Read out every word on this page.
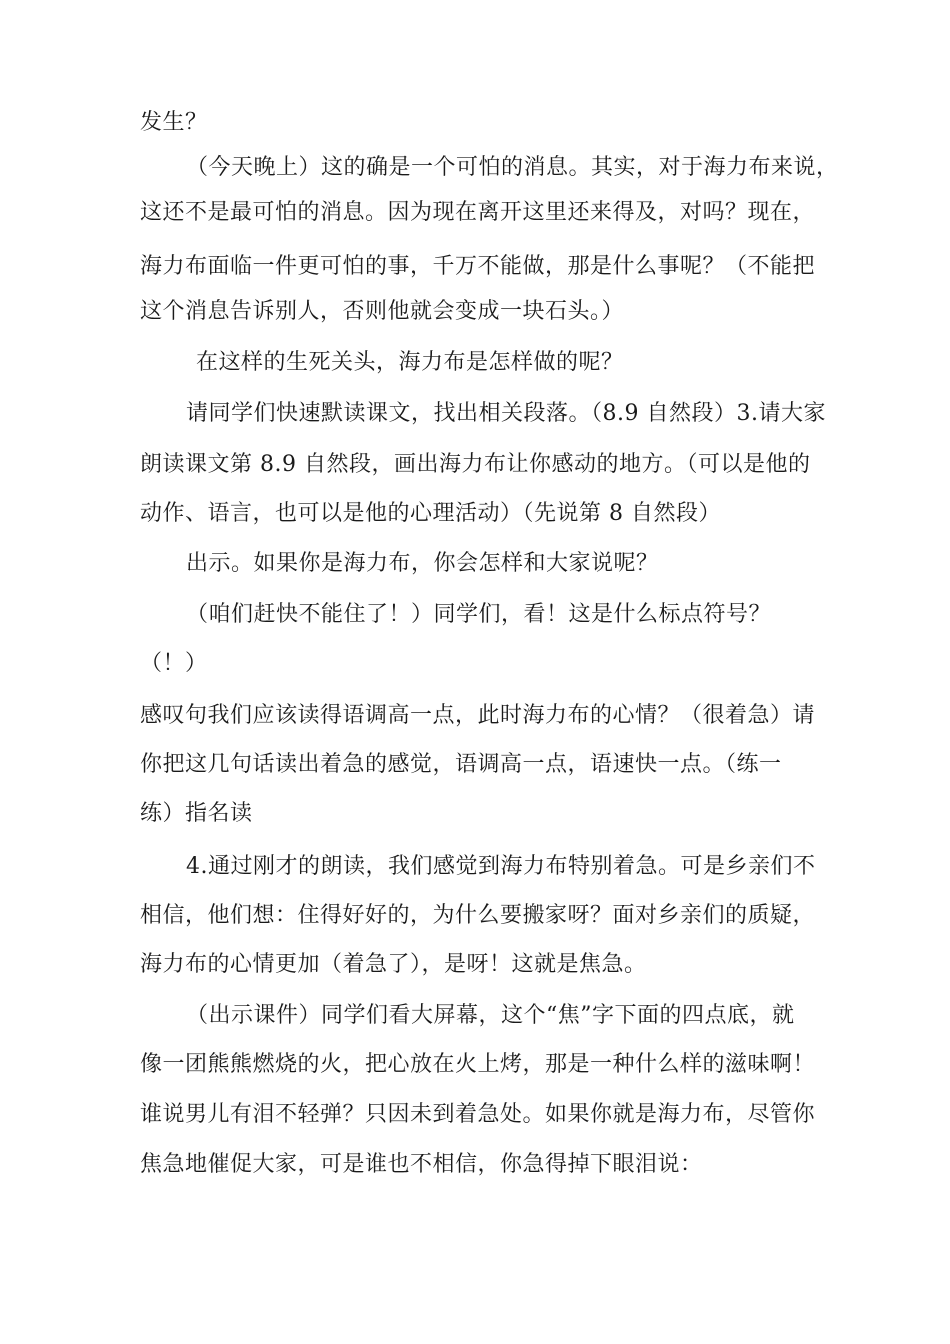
发生？
（今天晚上）这的确是一个可怕的消息。其实，对于海力布来说，
这还不是最可怕的消息。因为现在离开这里还来得及，对吗？现在，
海力布面临一件更可怕的事，千万不能做，那是什么事呢？（不能把
这个消息告诉别人，否则他就会变成一块石头。）
在这样的生死关头，海力布是怎样做的呢？
请同学们快速默读课文，找出相关段落。（8.9 自然段）3.请大家
朗读课文第 8.9 自然段，画出海力布让你感动的地方。（可以是他的
动作、语言，也可以是他的心理活动）（先说第 8 自然段）
出示。如果你是海力布，你会怎样和大家说呢？
（咱们赶快不能住了！）同学们，看！这是什么标点符号？
（！）
感叹句我们应该读得语调高一点，此时海力布的心情？（很着急）请
你把这几句话读出着急的感觉，语调高一点，语速快一点。（练一
练）指名读
4.通过刚才的朗读，我们感觉到海力布特别着急。可是乡亲们不
相信，他们想：住得好好的，为什么要搬家呀？面对乡亲们的质疑，
海力布的心情更加（着急了），是呀！这就是焦急。
（出示课件）同学们看大屏幕，这个“焦”字下面的四点底，就
像一团熊熊燃烧的火，把心放在火上烤，那是一种什么样的滋味啊！
谁说男儿有泪不轻弹？只因未到着急处。如果你就是海力布，尽管你
焦急地催促大家，可是谁也不相信，你急得掉下眼泪说：
